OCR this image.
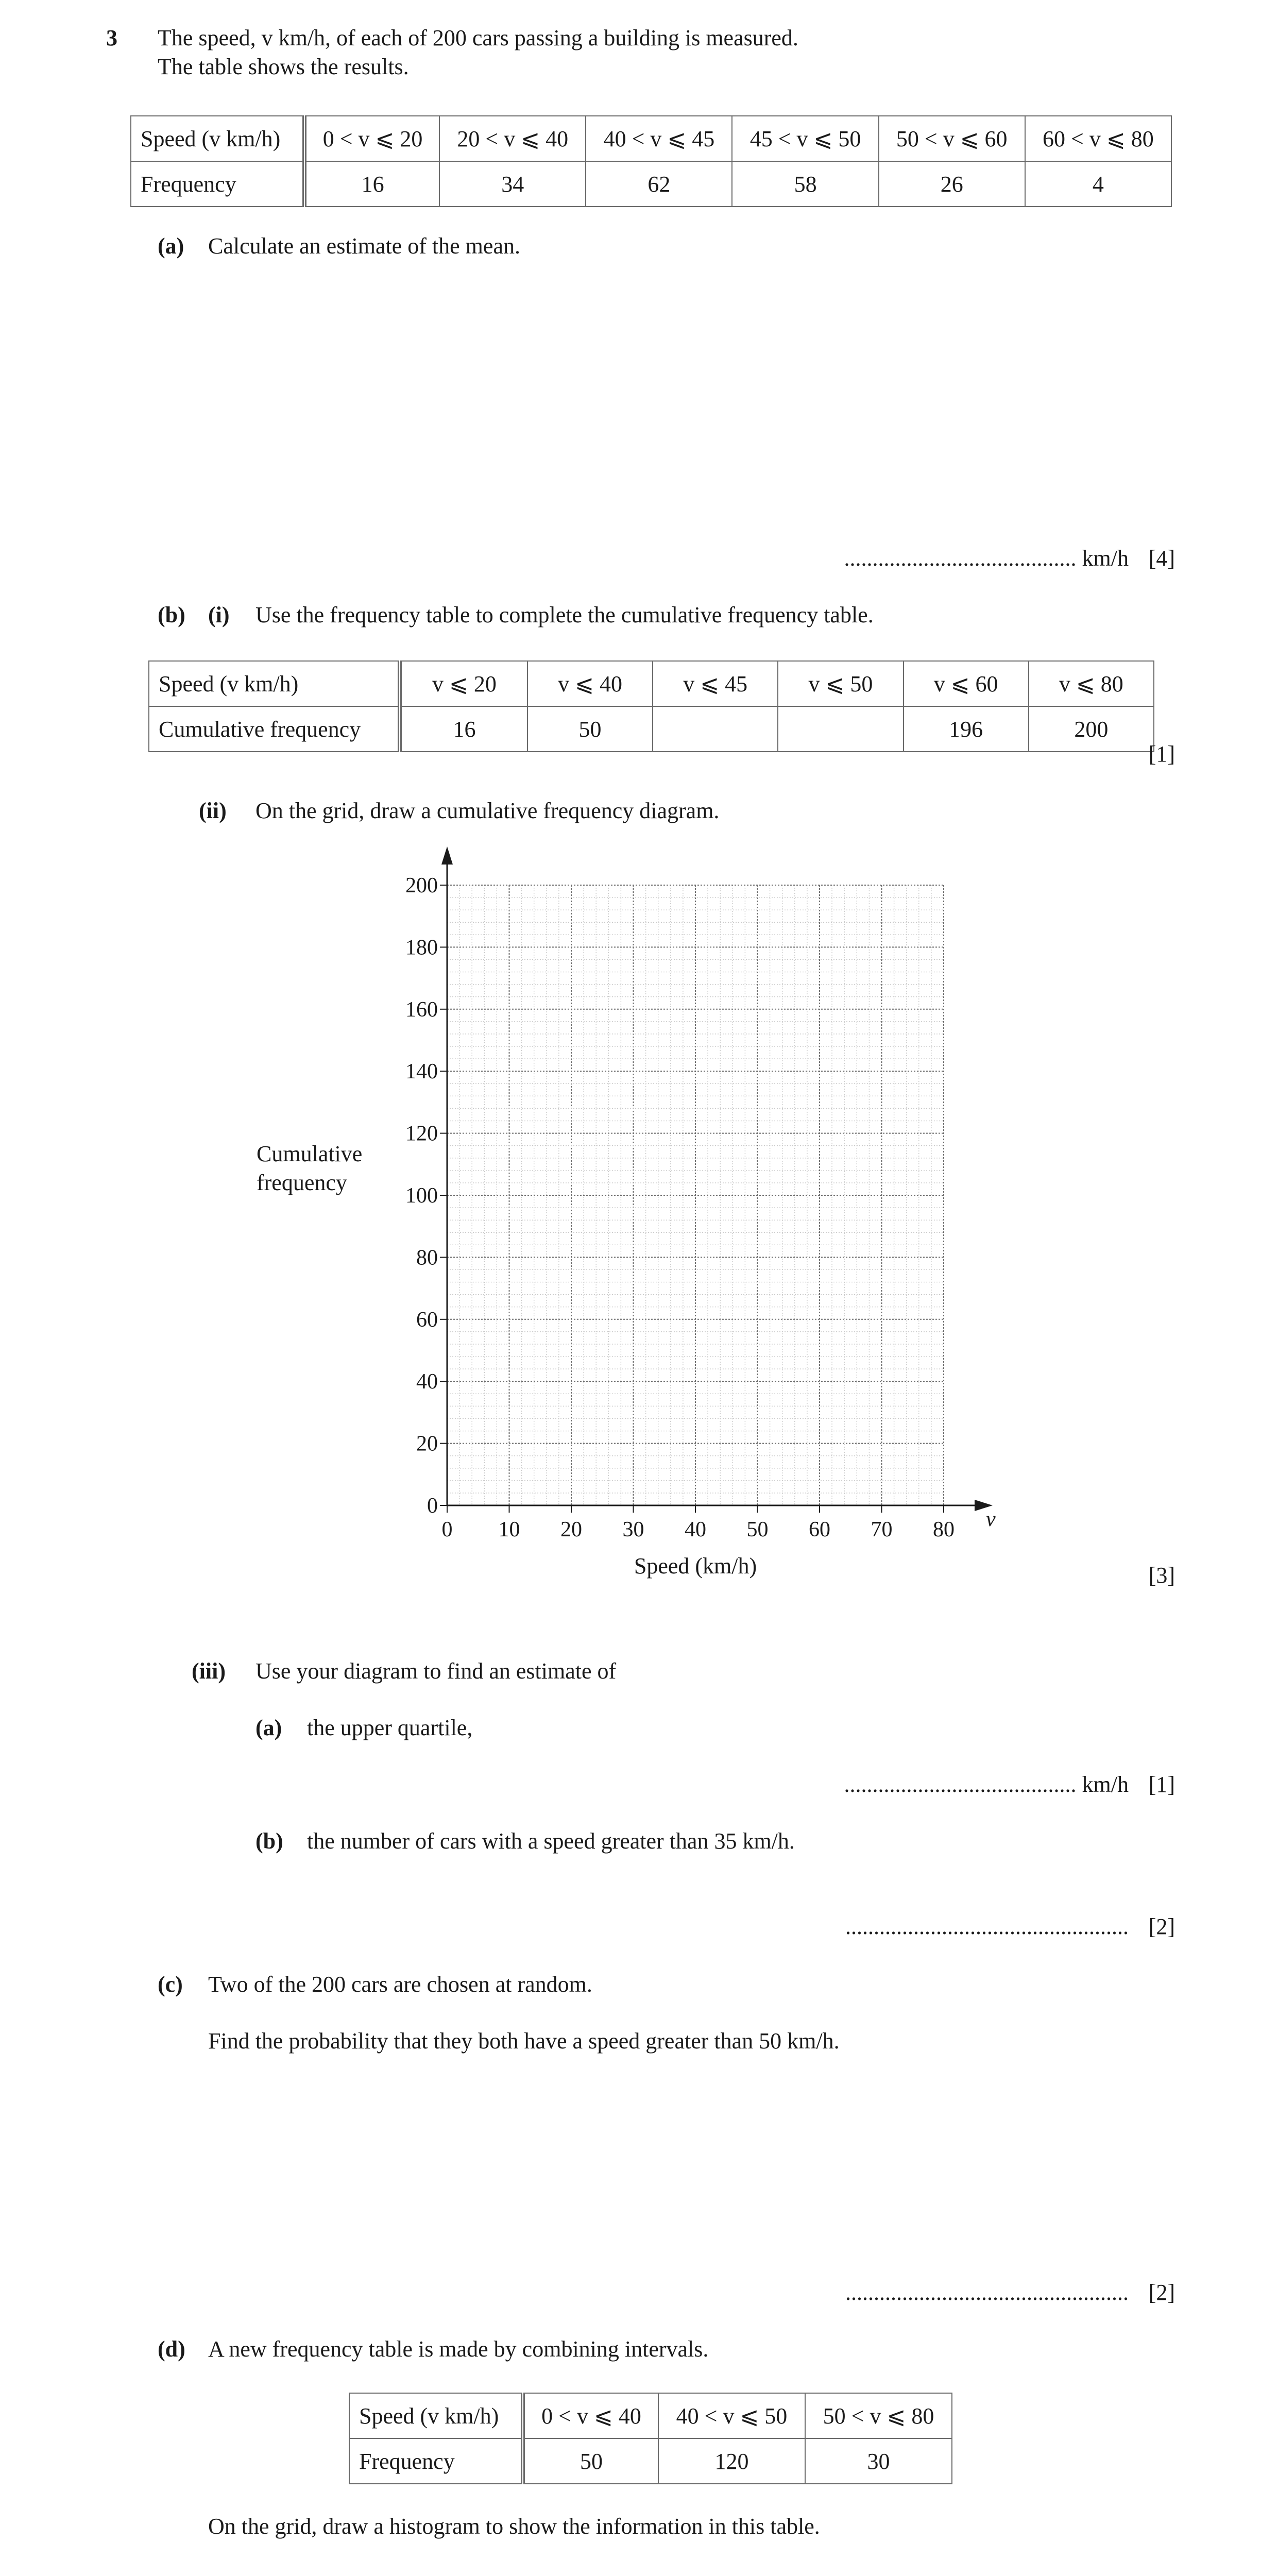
3 The speed, v km/h, of each of 200 cars passing a building is measured.
The table shows the results.
Speed (v km/h)	0 < v ⩽ 20	20 < v ⩽ 40	40 < v ⩽ 45	45 < v ⩽ 50	50 < v ⩽ 60	60 < v ⩽ 80
Frequency	16	34	62	58	26	4
(a) Calculate an estimate of the mean.
......................................... km/h [4]
(b) (i) Use the frequency table to complete the cumulative frequency table.
Speed (v km/h)	v ⩽ 20	v ⩽ 40	v ⩽ 45	v ⩽ 50	v ⩽ 60	v ⩽ 80
Cumulative frequency	16	50			196	200
[1]
(ii) On the grid, draw a cumulative frequency diagram.
0 10 20 30 40 50 60 70 80
0
20
40
60
80
100
120
140
160
180
200
v
Speed (km/h)
Cumulative
frequency
[3]
(iii) Use your diagram to find an estimate of
(a) the upper quartile,
......................................... km/h [1]
(b) the number of cars with a speed greater than 35 km/h.
.................................................. [2]
(c) Two of the 200 cars are chosen at random.
Find the probability that they both have a speed greater than 50 km/h.
.................................................. [2]
(d) A new frequency table is made by combining intervals.
Speed (v km/h)	0 < v ⩽ 40	40 < v ⩽ 50	50 < v ⩽ 80
Frequency	50	120	30
On the grid, draw a histogram to show the information in this table.
